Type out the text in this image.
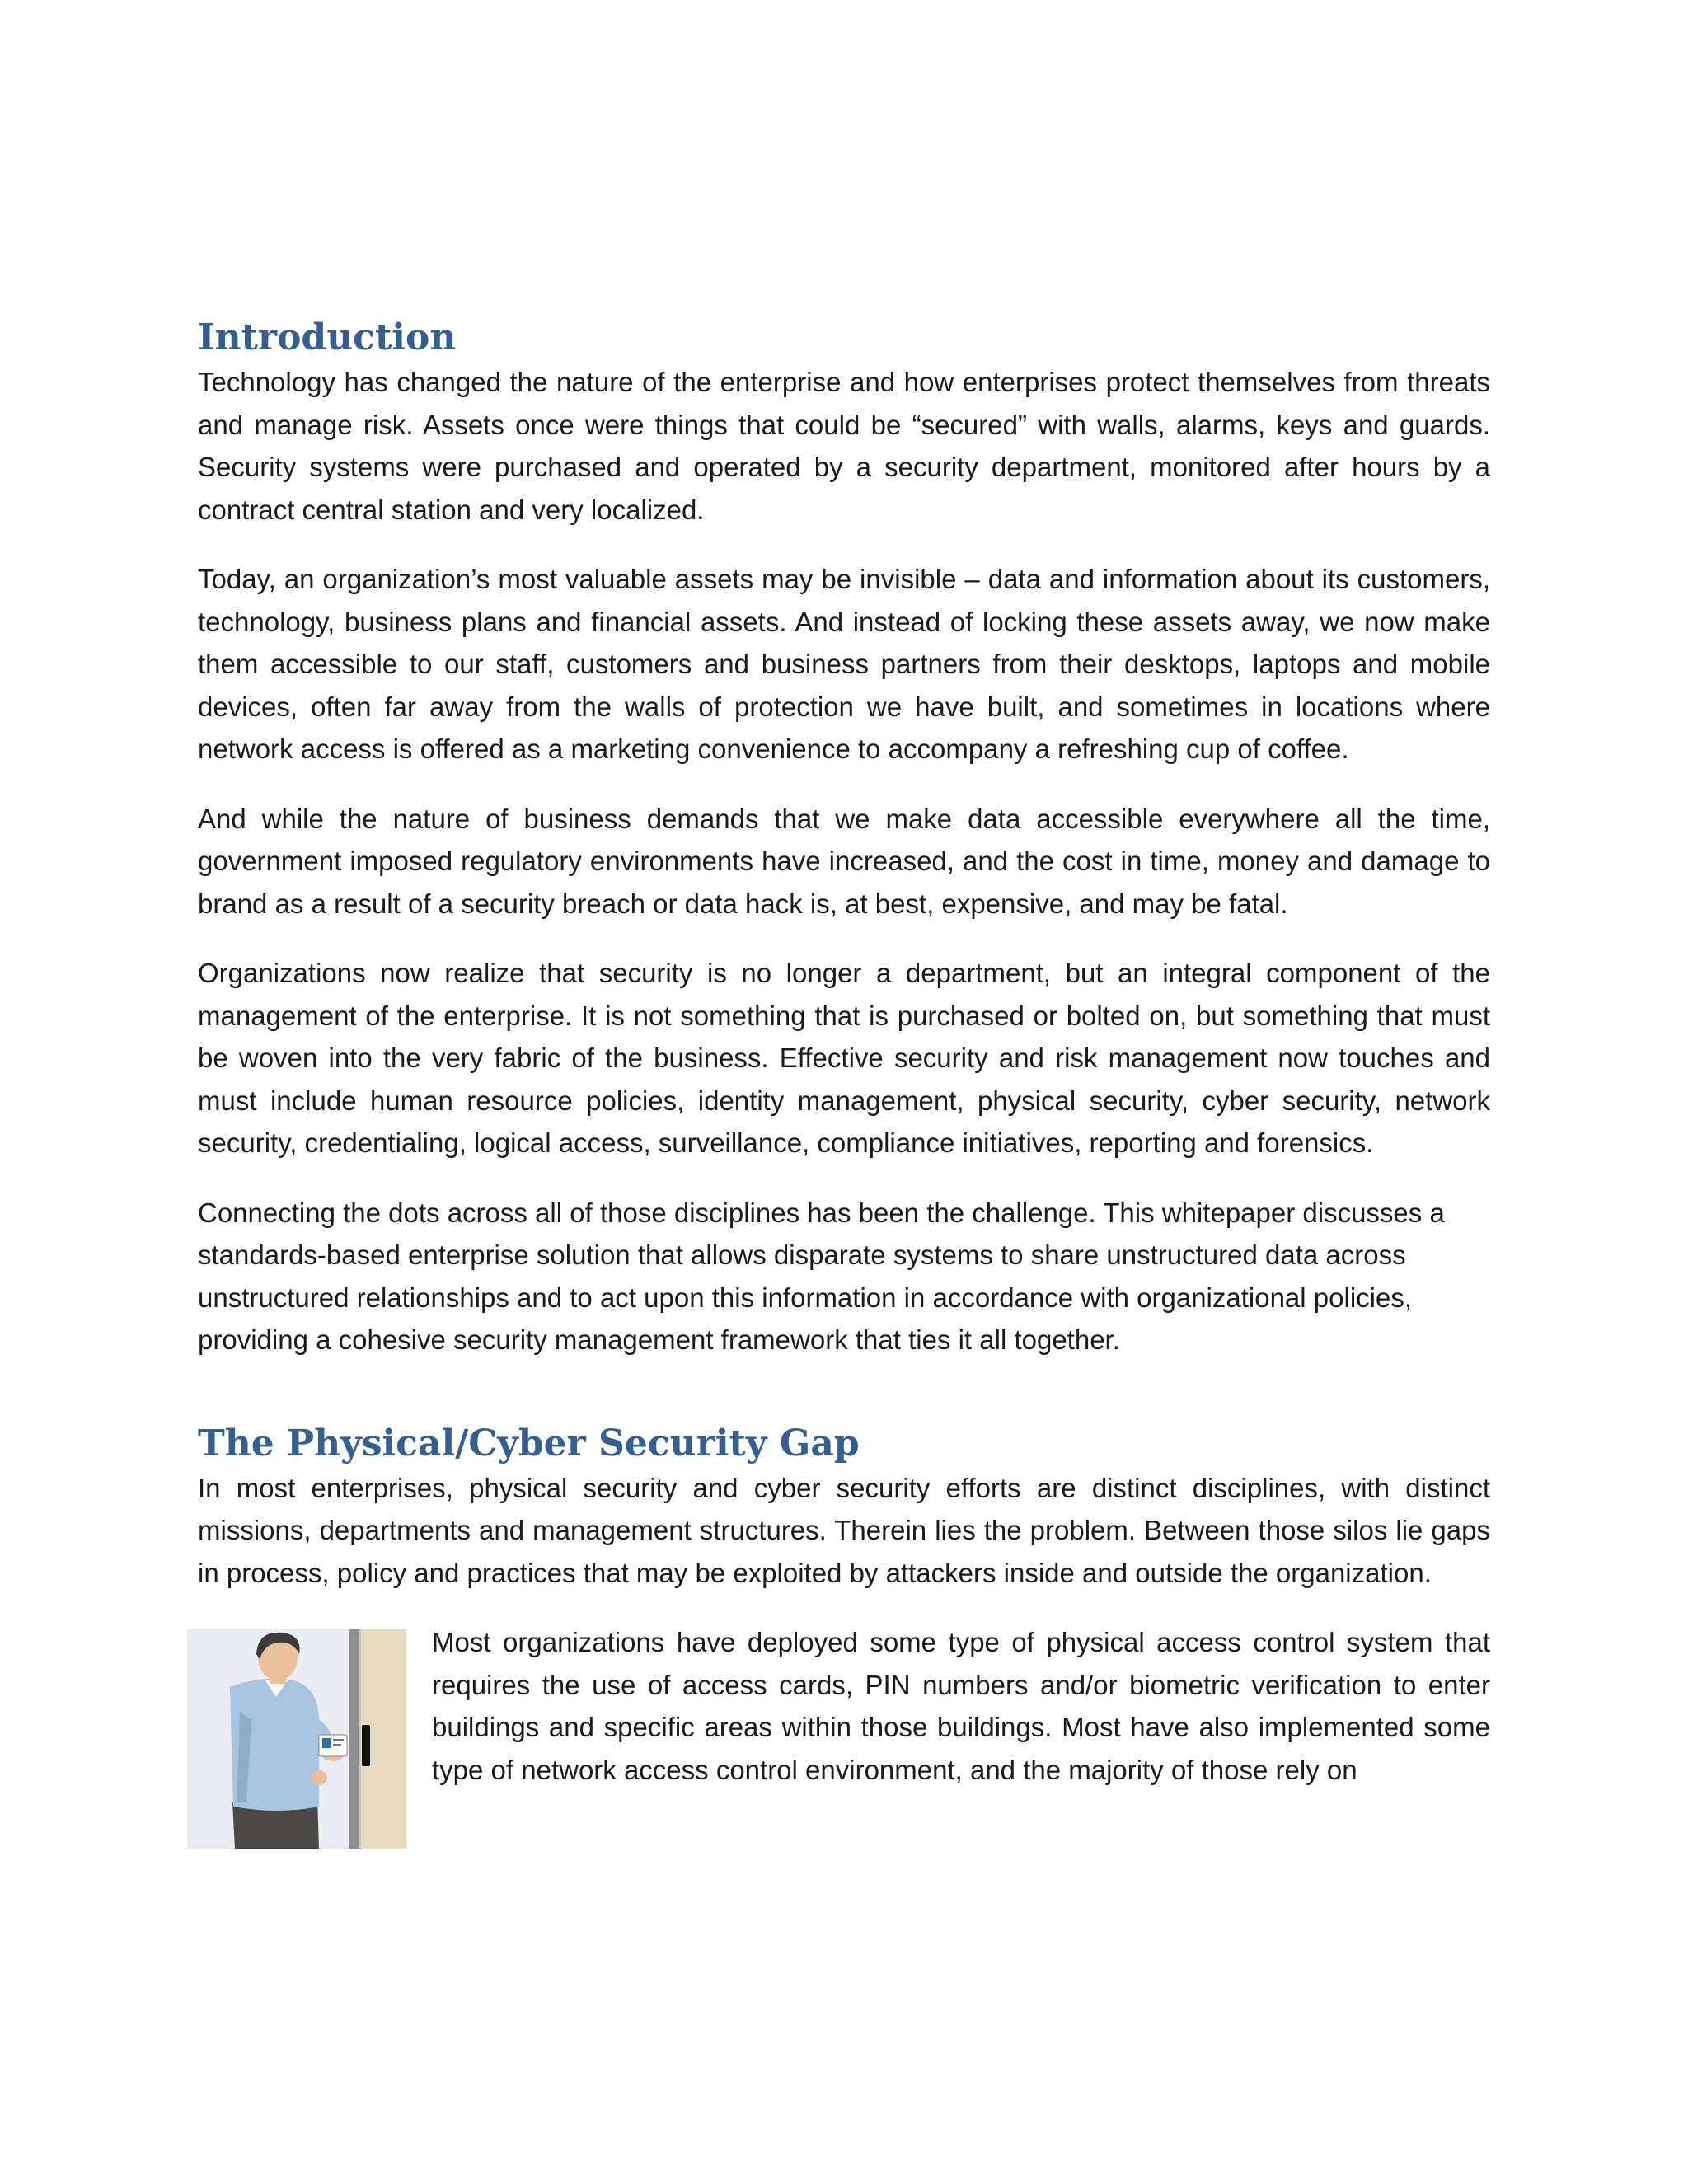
Introduction

Technology has changed the nature of the enterprise and how enterprises protect themselves from threats and manage risk. Assets once were things that could be “secured” with walls, alarms, keys and guards. Security systems were purchased and operated by a security department, monitored after hours by a contract central station and very localized.

Today, an organization’s most valuable assets may be invisible – data and information about its customers, technology, business plans and financial assets. And instead of locking these assets away, we now make them accessible to our staff, customers and business partners from their desktops, laptops and mobile devices, often far away from the walls of protection we have built, and sometimes in locations where network access is offered as a marketing convenience to accompany a refreshing cup of coffee.

And while the nature of business demands that we make data accessible everywhere all the time, government imposed regulatory environments have increased, and the cost in time, money and damage to brand as a result of a security breach or data hack is, at best, expensive, and may be fatal.

Organizations now realize that security is no longer a department, but an integral component of the management of the enterprise. It is not something that is purchased or bolted on, but something that must be woven into the very fabric of the business. Effective security and risk management now touches and must include human resource policies, identity management, physical security, cyber security, network security, credentialing, logical access, surveillance, compliance initiatives, reporting and forensics.

Connecting the dots across all of those disciplines has been the challenge. This whitepaper discusses a standards-based enterprise solution that allows disparate systems to share unstructured data across unstructured relationships and to act upon this information in accordance with organizational policies, providing a cohesive security management framework that ties it all together.

The Physical/Cyber Security Gap

In most enterprises, physical security and cyber security efforts are distinct disciplines, with distinct missions, departments and management structures. Therein lies the problem. Between those silos lie gaps in process, policy and practices that may be exploited by attackers inside and outside the organization.

Most organizations have deployed some type of physical access control system that requires the use of access cards, PIN numbers and/or biometric verification to enter buildings and specific areas within those buildings. Most have also implemented some type of network access control environment, and the majority of those rely on
